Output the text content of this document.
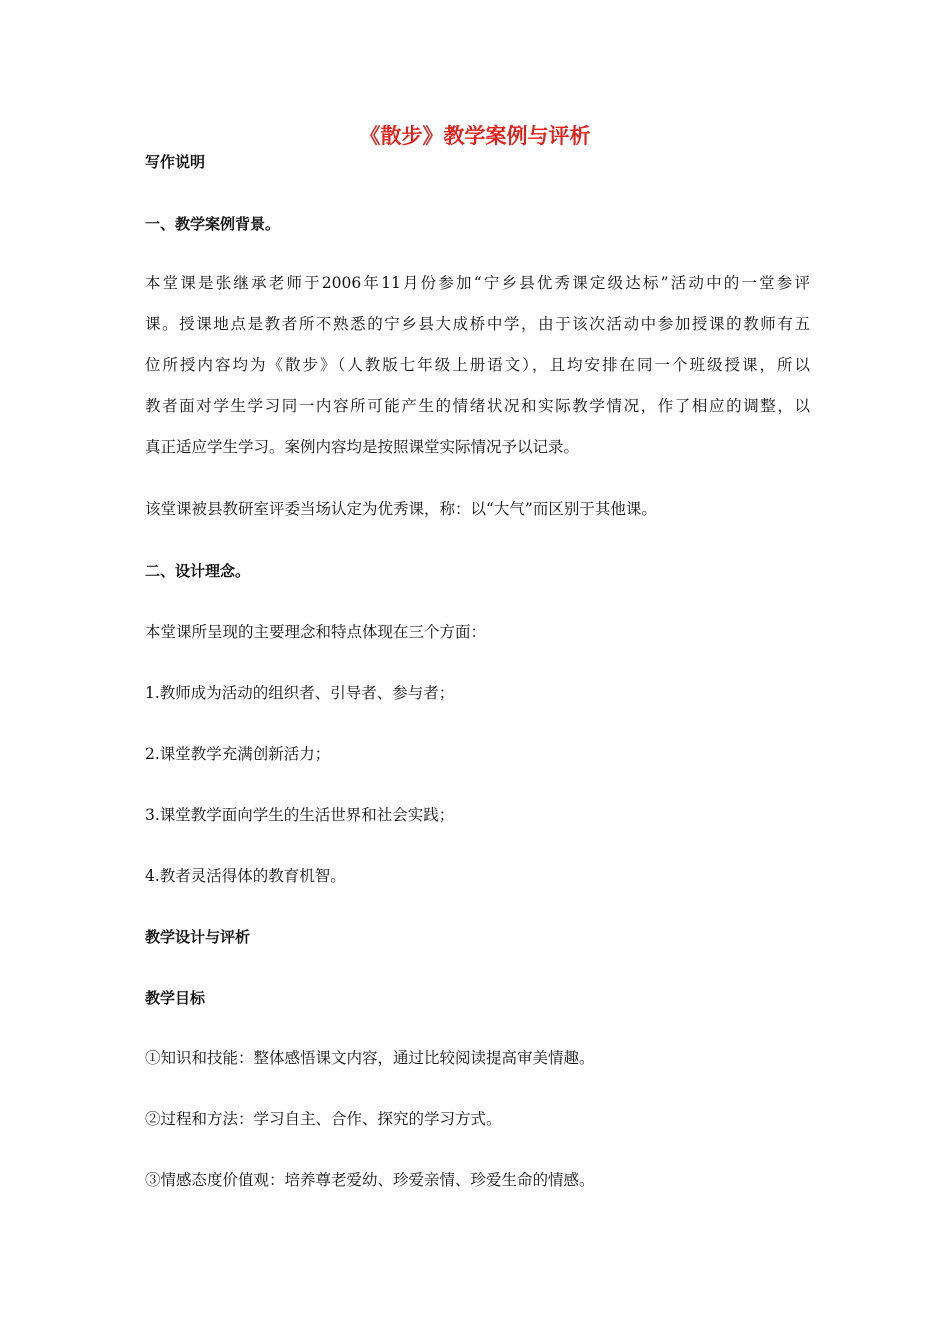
《散步》教学案例与评析

写作说明

一、教学案例背景。

本堂课是张继承老师于2006年11月份参加“宁乡县优秀课定级达标”活动中的一堂参评
课。授课地点是教者所不熟悉的宁乡县大成桥中学，由于该次活动中参加授课的教师有五
位所授内容均为《散步》（人教版七年级上册语文），且均安排在同一个班级授课，所以
教者面对学生学习同一内容所可能产生的情绪状况和实际教学情况，作了相应的调整，以
真正适应学生学习。案例内容均是按照课堂实际情况予以记录。

该堂课被县教研室评委当场认定为优秀课，称：以“大气”而区别于其他课。

二、设计理念。

本堂课所呈现的主要理念和特点体现在三个方面：

1.教师成为活动的组织者、引导者、参与者；

2.课堂教学充满创新活力；

3.课堂教学面向学生的生活世界和社会实践；

4.教者灵活得体的教育机智。

教学设计与评析

教学目标

①知识和技能：整体感悟课文内容，通过比较阅读提高审美情趣。

②过程和方法：学习自主、合作、探究的学习方式。

③情感态度价值观：培养尊老爱幼、珍爱亲情、珍爱生命的情感。
